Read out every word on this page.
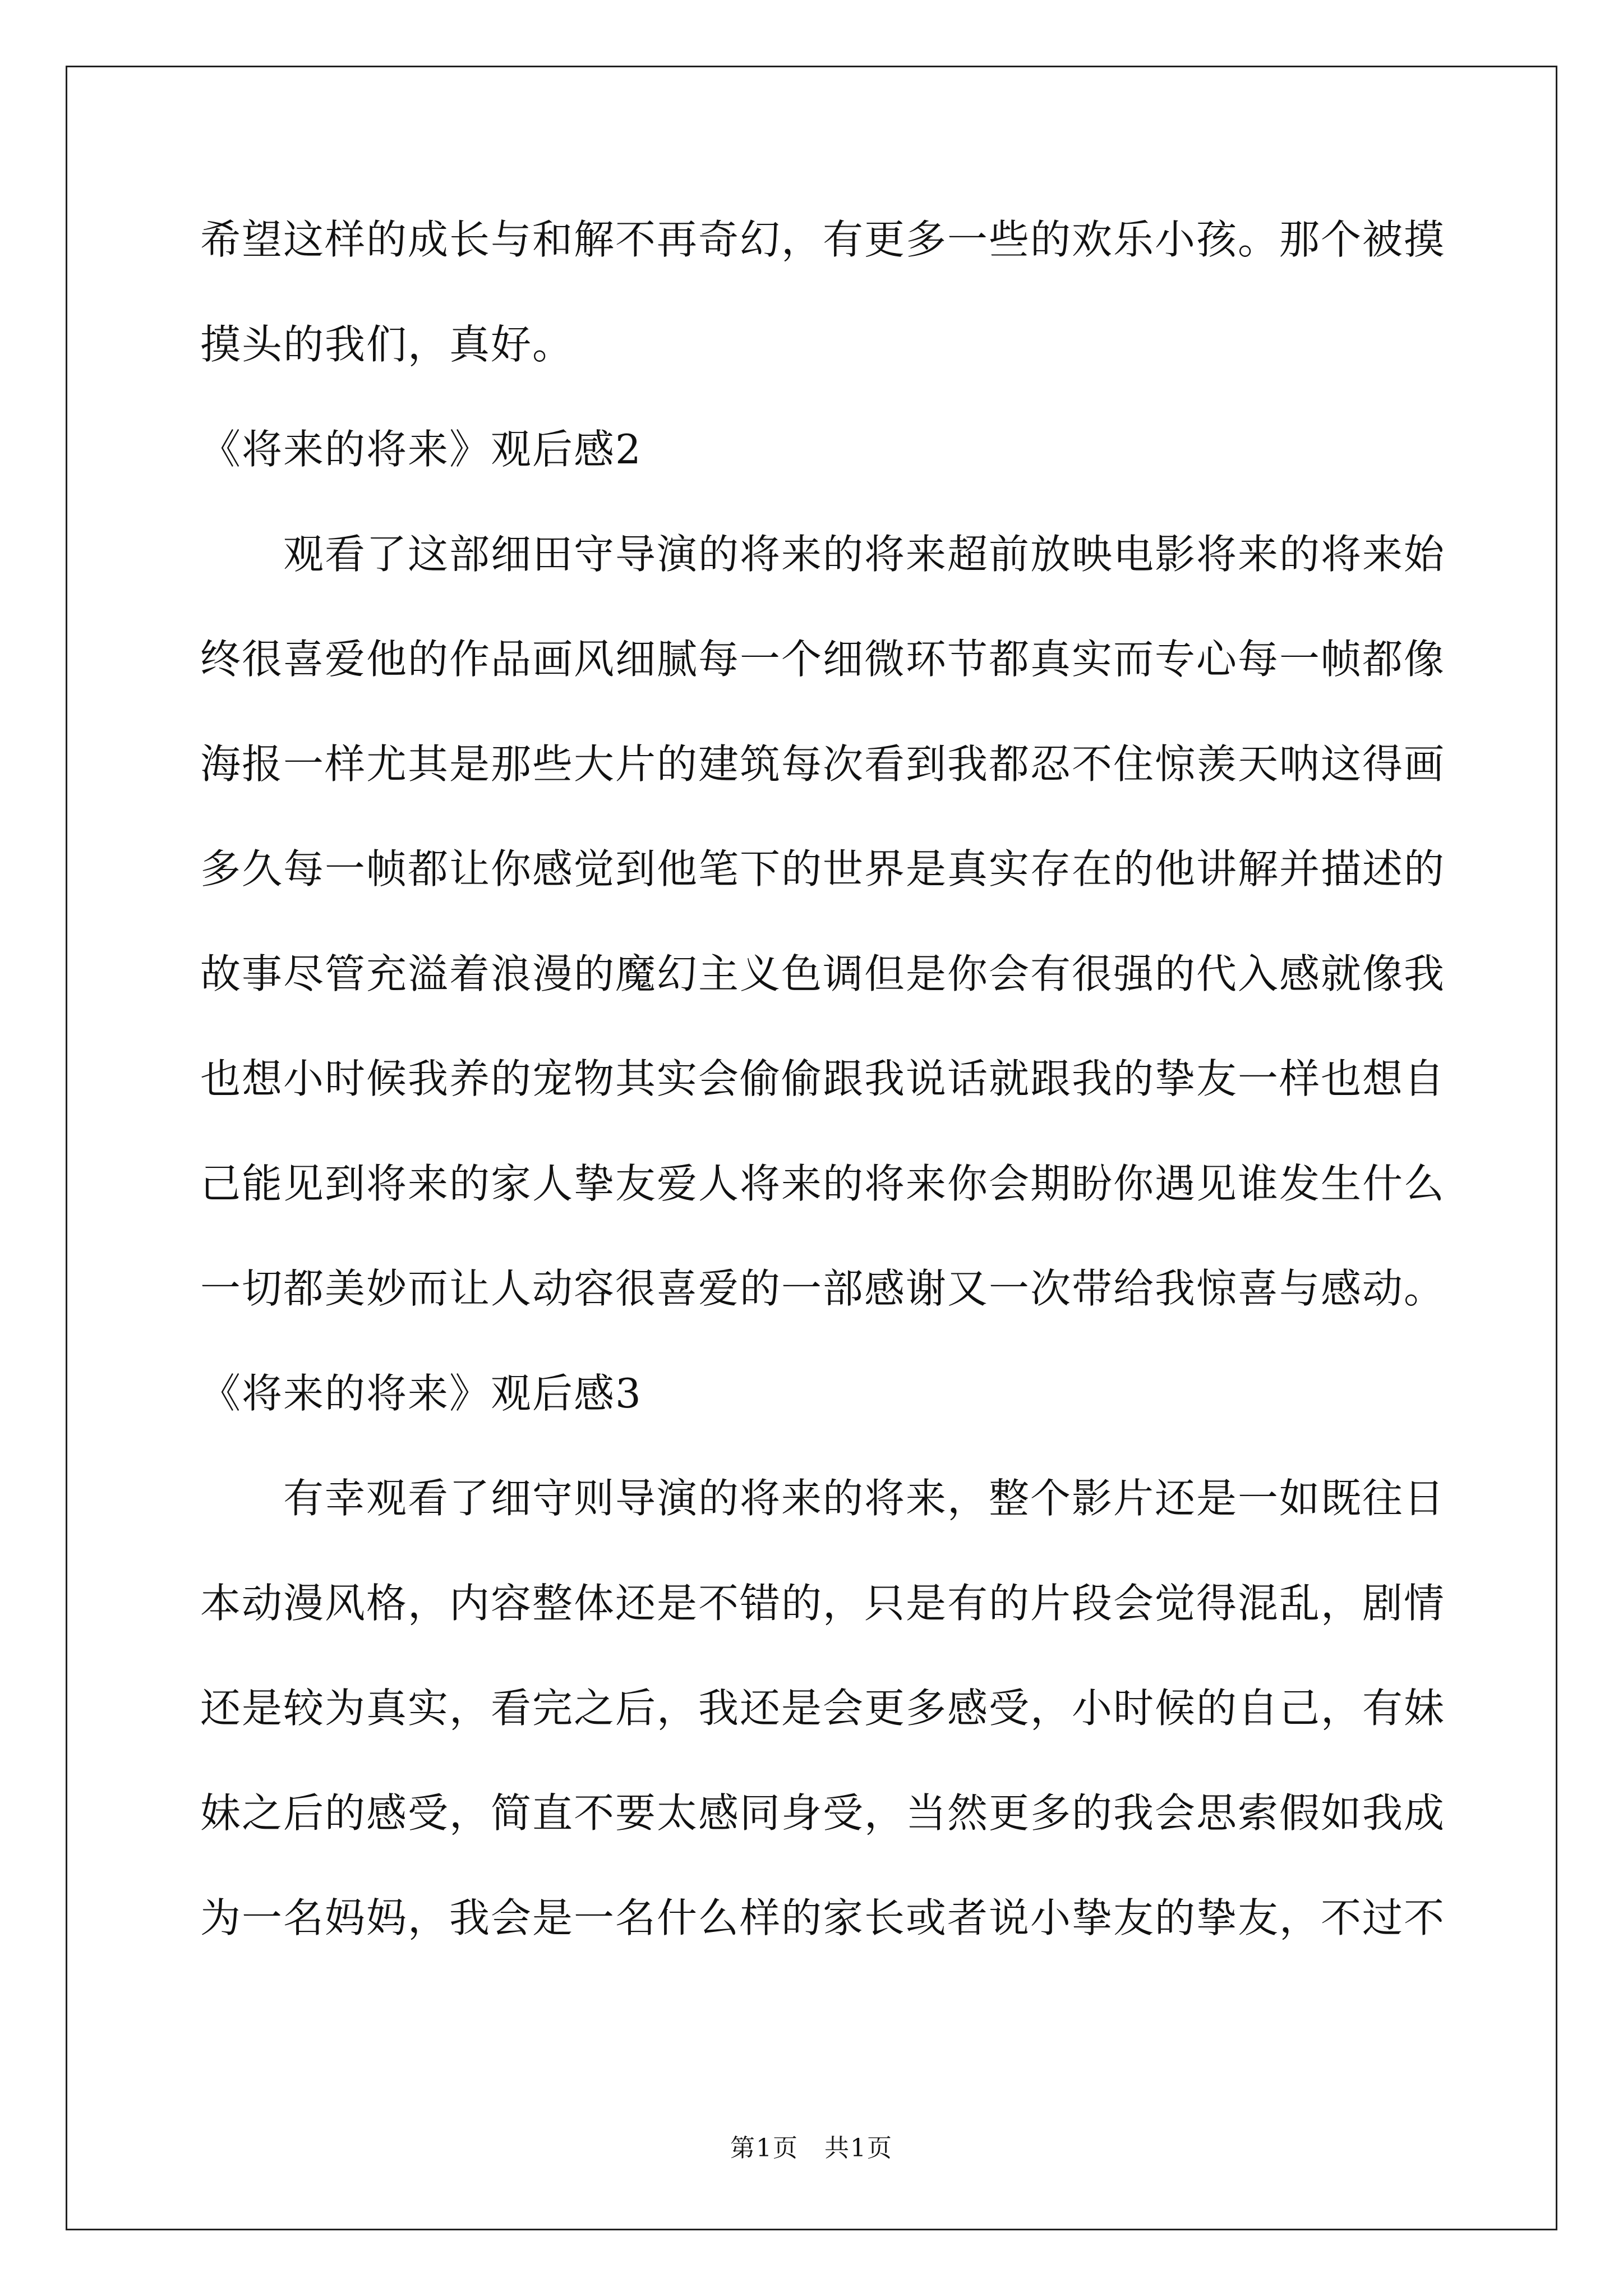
希望这样的成长与和解不再奇幻，有更多一些的欢乐小孩。那个被摸
摸头的我们，真好。
《将来的将来》观后感2
　　观看了这部细田守导演的将来的将来超前放映电影将来的将来始
终很喜爱他的作品画风细腻每一个细微环节都真实而专心每一帧都像
海报一样尤其是那些大片的建筑每次看到我都忍不住惊羡天呐这得画
多久每一帧都让你感觉到他笔下的世界是真实存在的他讲解并描述的
故事尽管充溢着浪漫的魔幻主义色调但是你会有很强的代入感就像我
也想小时候我养的宠物其实会偷偷跟我说话就跟我的挚友一样也想自
己能见到将来的家人挚友爱人将来的将来你会期盼你遇见谁发生什么
一切都美妙而让人动容很喜爱的一部感谢又一次带给我惊喜与感动。
《将来的将来》观后感3
　　有幸观看了细守则导演的将来的将来，整个影片还是一如既往日
本动漫风格，内容整体还是不错的，只是有的片段会觉得混乱，剧情
还是较为真实，看完之后，我还是会更多感受，小时候的自己，有妹
妹之后的感受，简直不要太感同身受，当然更多的我会思索假如我成
为一名妈妈，我会是一名什么样的家长或者说小挚友的挚友，不过不
第1页　共1页
